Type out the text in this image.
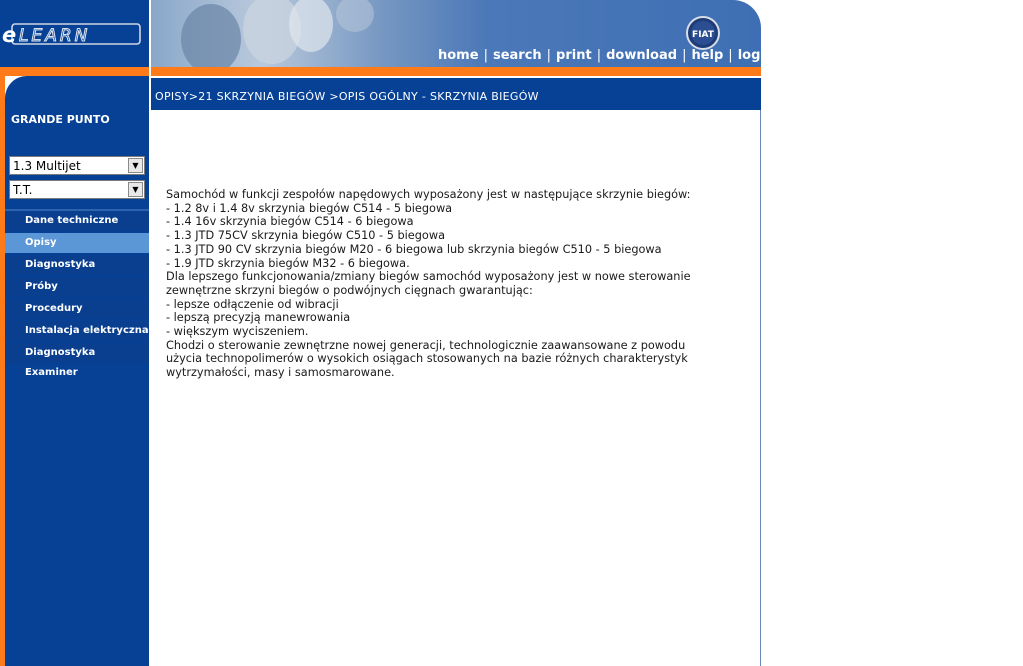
e LEARN	FIAT
home | search | print | download | help | logout
OPISY>21 SKRZYNIA BIEGÓW >OPIS OGÓLNY - SKRZYNIA BIEGÓW
GRANDE PUNTO
1.3 Multijet	▼
T.T.	▼
Dane techniczne
Opisy
Diagnostyka
Próby
Procedury
Instalacja elektryczna
Diagnostyka Examiner
Samochód w funkcji zespołów napędowych wyposażony jest w następujące skrzynie biegów:
- 1.2 8v i 1.4 8v skrzynia biegów C514 - 5 biegowa
- 1.4 16v skrzynia biegów C514 - 6 biegowa
- 1.3 JTD 75CV skrzynia biegów C510 - 5 biegowa
- 1.3 JTD 90 CV skrzynia biegów M20 - 6 biegowa lub skrzynia biegów C510 - 5 biegowa
- 1.9 JTD skrzynia biegów M32 - 6 biegowa.
Dla lepszego funkcjonowania/zmiany biegów samochód wyposażony jest w nowe sterowanie
zewnętrzne skrzyni biegów o podwójnych cięgnach gwarantując:
- lepsze odłączenie od wibracji
- lepszą precyzją manewrowania
- większym wyciszeniem.
Chodzi o sterowanie zewnętrzne nowej generacji, technologicznie zaawansowane z powodu
użycia technopolimerów o wysokich osiągach stosowanych na bazie różnych charakterystyk
wytrzymałości, masy i samosmarowane.
